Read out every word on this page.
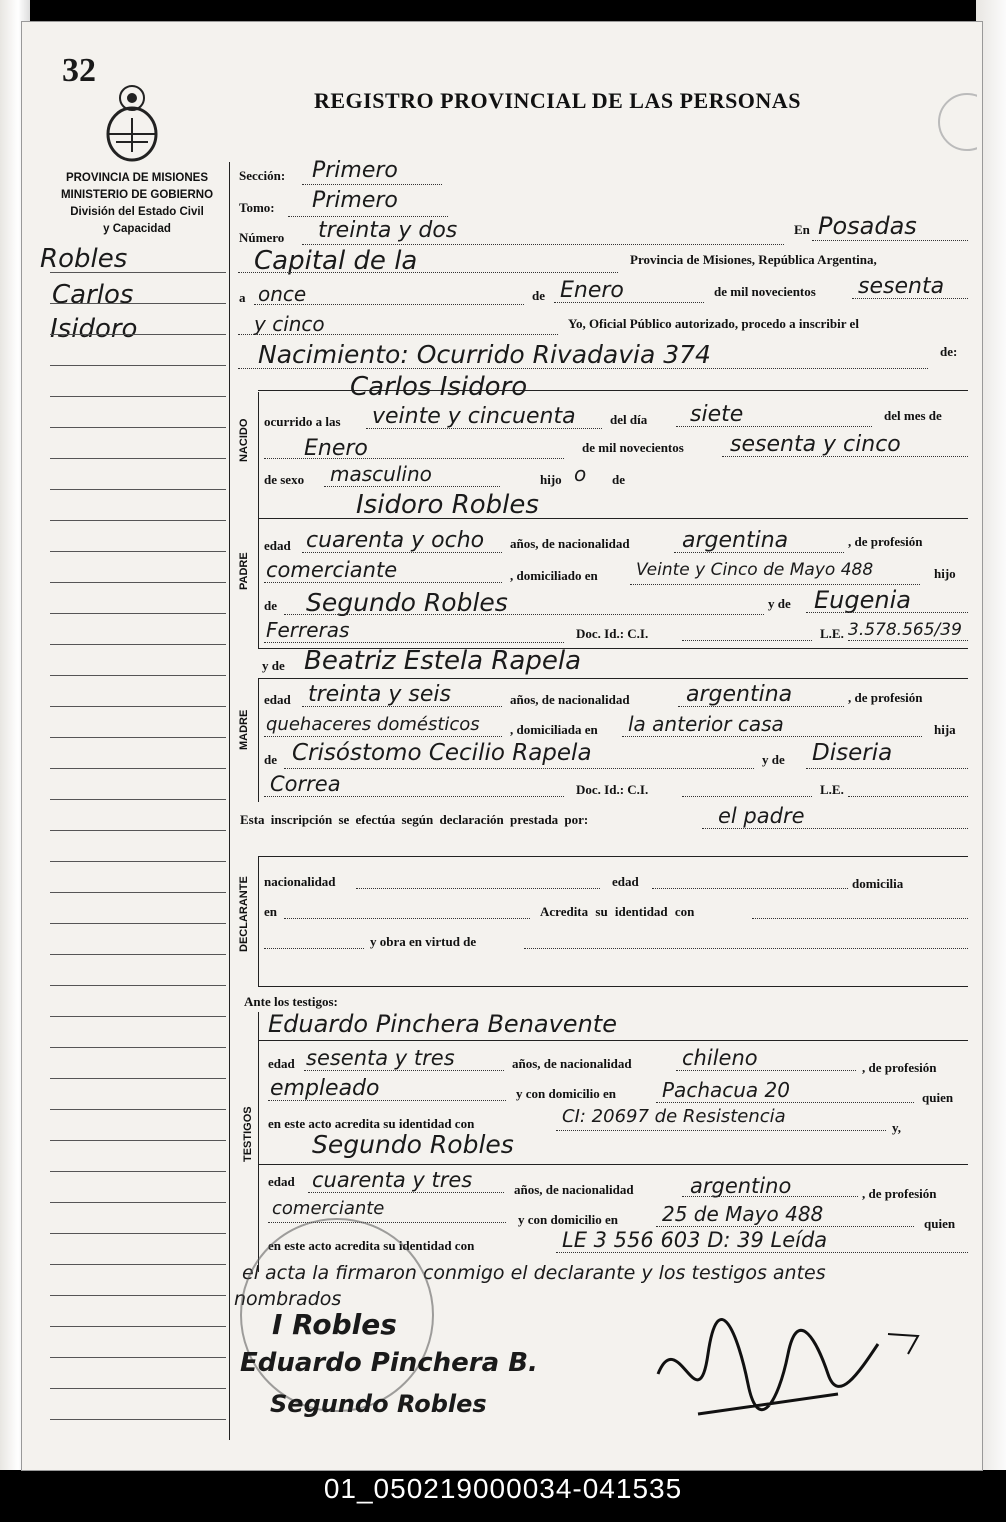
32
REGISTRO PROVINCIAL DE LAS PERSONAS
PROVINCIA DE MISIONES
MINISTERIO DE GOBIERNO
División del Estado Civil
y Capacidad
Robles
Carlos
Isidoro
Sección: Primero
Tomo: Primero
Número treinta y dos	En Posadas
Capital de la	Provincia de Misiones, República Argentina,
a once	de Enero	de mil novecientos sesenta
y cinco	Yo, Oficial Público autorizado, procedo a inscribir el
Nacimiento: Ocurrido Rivadavia 374	de:
Carlos Isidoro
NACIDO ocurrido a las veinte y cincuenta	del día siete	del mes de
Enero	de mil novecientos sesenta y cinco
de sexo masculino	hijo o de
Isidoro Robles
PADRE
edad cuarenta y ocho años, de nacionalidad argentina	, de profesión
comerciante	, domiciliado en Veinte y Cinco de Mayo 488	hijo
de Segundo Robles	y de Eugenia
Ferreras	Doc. Id.: C.I.	L.E. 3.578.565/39
y de Beatriz Estela Rapela
MADRE
edad treinta y seis	años, de nacionalidad	argentina	, de profesión
quehaceres domésticos , domiciliada en la anterior casa	hija
de Crisóstomo Cecilio Rapela	y de Diseria
Correa	Doc. Id.: C.I.	L.E.
Esta inscripción se efectúa según declaración prestada por:	el padre
DECLARANTE nacionalidad	edad	domicilia
en	Acredita su identidad con
y obra en virtud de
Ante los testigos:
Eduardo Pinchera Benavente
TESTIGOS
edad sesenta y tres	años, de nacionalidad chileno	, de profesión
empleado	y con domicilio en Pachacua 20	quien
en este acto acredita su identidad con	CI: 20697 de Resistencia
y,
Segundo Robles
edad cuarenta y tres	años, de nacionalidad	argentino	, de profesión
comerciante
y con domicilio en 25 de Mayo 488	quien
en este acto acredita su identidad con	LE 3 556 603 D: 39 Leída
el acta la firmaron conmigo el declarante y los testigos antes
nombrados
I Robles
Eduardo Pinchera B.
Segundo Robles
01_050219000034-041535
